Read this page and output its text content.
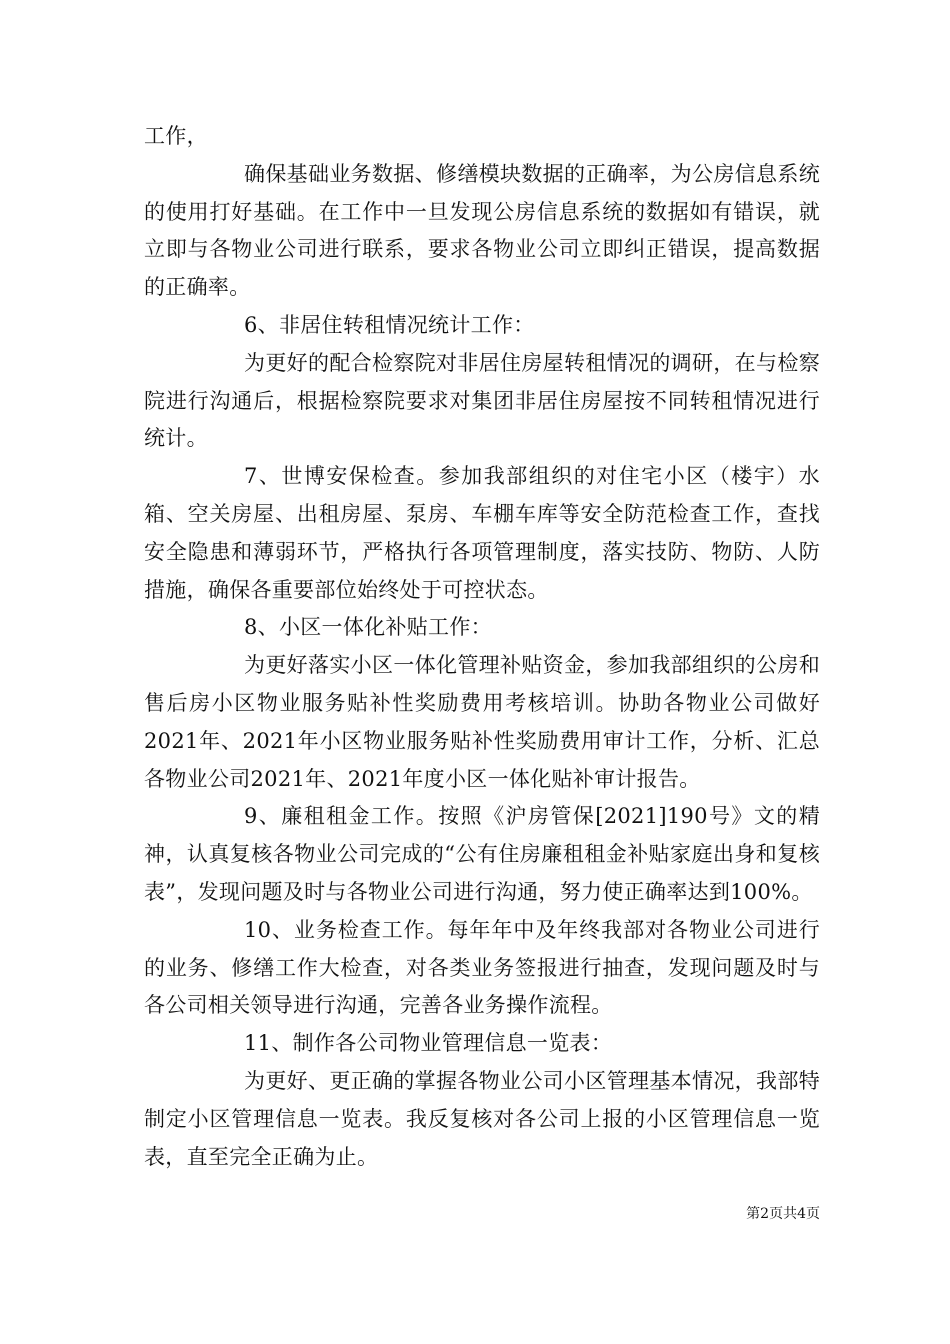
工作，

确保基础业务数据、修缮模块数据的正确率，为公房信息系统的使用打好基础。在工作中一旦发现公房信息系统的数据如有错误，就立即与各物业公司进行联系，要求各物业公司立即纠正错误，提高数据的正确率。

6、非居住转租情况统计工作：

为更好的配合检察院对非居住房屋转租情况的调研，在与检察院进行沟通后，根据检察院要求对集团非居住房屋按不同转租情况进行统计。

7、世博安保检查。参加我部组织的对住宅小区（楼宇）水箱、空关房屋、出租房屋、泵房、车棚车库等安全防范检查工作，查找安全隐患和薄弱环节，严格执行各项管理制度，落实技防、物防、人防措施，确保各重要部位始终处于可控状态。

8、小区一体化补贴工作：

为更好落实小区一体化管理补贴资金，参加我部组织的公房和售后房小区物业服务贴补性奖励费用考核培训。协助各物业公司做好2021年、2021年小区物业服务贴补性奖励费用审计工作，分析、汇总各物业公司2021年、2021年度小区一体化贴补审计报告。

9、廉租租金工作。按照《沪房管保[2021]190号》文的精神，认真复核各物业公司完成的“公有住房廉租租金补贴家庭出身和复核表”，发现问题及时与各物业公司进行沟通，努力使正确率达到100%。

10、业务检查工作。每年年中及年终我部对各物业公司进行的业务、修缮工作大检查，对各类业务签报进行抽查，发现问题及时与各公司相关领导进行沟通，完善各业务操作流程。

11、制作各公司物业管理信息一览表：

为更好、更正确的掌握各物业公司小区管理基本情况，我部特制定小区管理信息一览表。我反复核对各公司上报的小区管理信息一览表，直至完全正确为止。

第2页共4页
